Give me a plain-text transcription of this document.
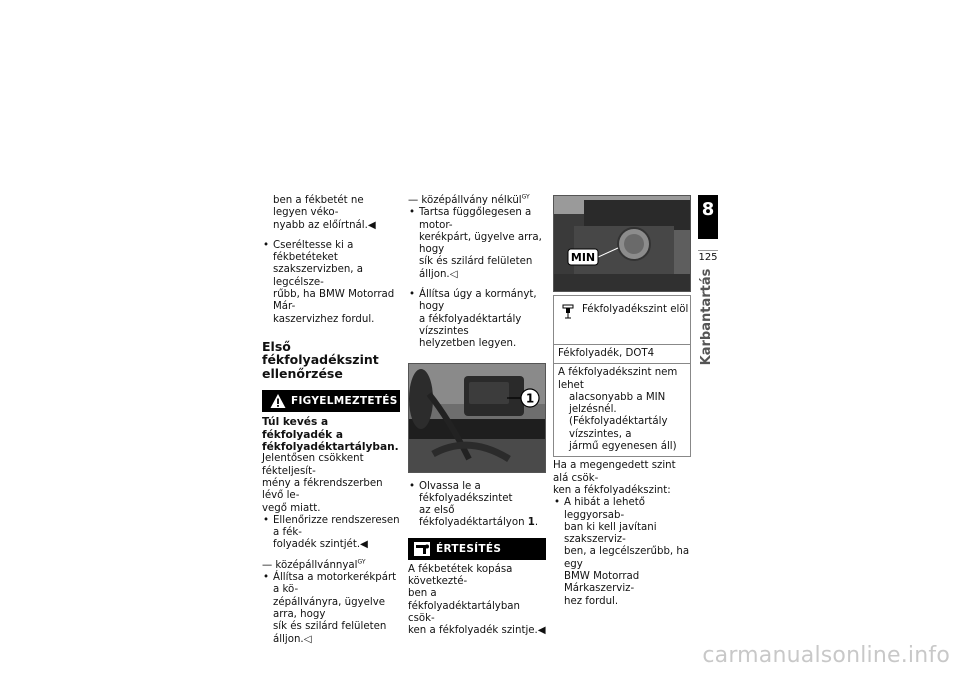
ben a fékbetét ne legyen véko-
nyabb az előírtnál.◀

• Cseréltesse ki a fékbetéteket
szakszervizben, a legcélsze-
rűbb, ha BMW Motorrad Már-
kaszervizhez fordul.

Első fékfolyadékszint
ellenőrzése
FIGYELMEZTETÉS

Túl kevés a fékfolyadék a
fékfolyadéktartályban.

Jelentősen csökkent fékteljesít-
mény a fékrendszerben lévő le-
vegő miatt.

• Ellenőrizze rendszeresen a fék-
folyadék szintjét.◀

— középállvánnyal$^{GY}$

• Állítsa a motorkerékpárt a kö-
zépállványra, ügyelve arra, hogy
sík és szilárd felületen álljon.◁

— középállvány nélkül$^{GY}$

• Tartsa függőlegesen a motor-
kerékpárt, ügyelve arra, hogy
sík és szilárd felületen álljon.◁

• Állítsa úgy a kormányt, hogy
a fékfolyadéktartály vízszintes
helyzetben legyen.

1

• Olvassa le a fékfolyadékszintet
az első fékfolyadéktartályon 1.

ÉRTESÍTÉS

A fékbetétek kopása következté-
ben a fékfolyadéktartályban csök-
ken a fékfolyadék szintje.◀

MIN
Fékfolyadékszint elöl
Fékfolyadék, DOT4
A fékfolyadékszint nem lehet
alacsonyabb a MIN jelzésnél.
(Fékfolyadéktartály vízszintes, a
jármű egyenesen áll)

Ha a megengedett szint alá csök-
ken a fékfolyadékszint:

• A hibát a lehető leggyorsab-
ban ki kell javítani szakszerviz-
ben, a legcélszerűbb, ha egy
BMW Motorrad Márkaszerviz-
hez fordul.

8
125
Karbantartás
carmanualsonline.info
